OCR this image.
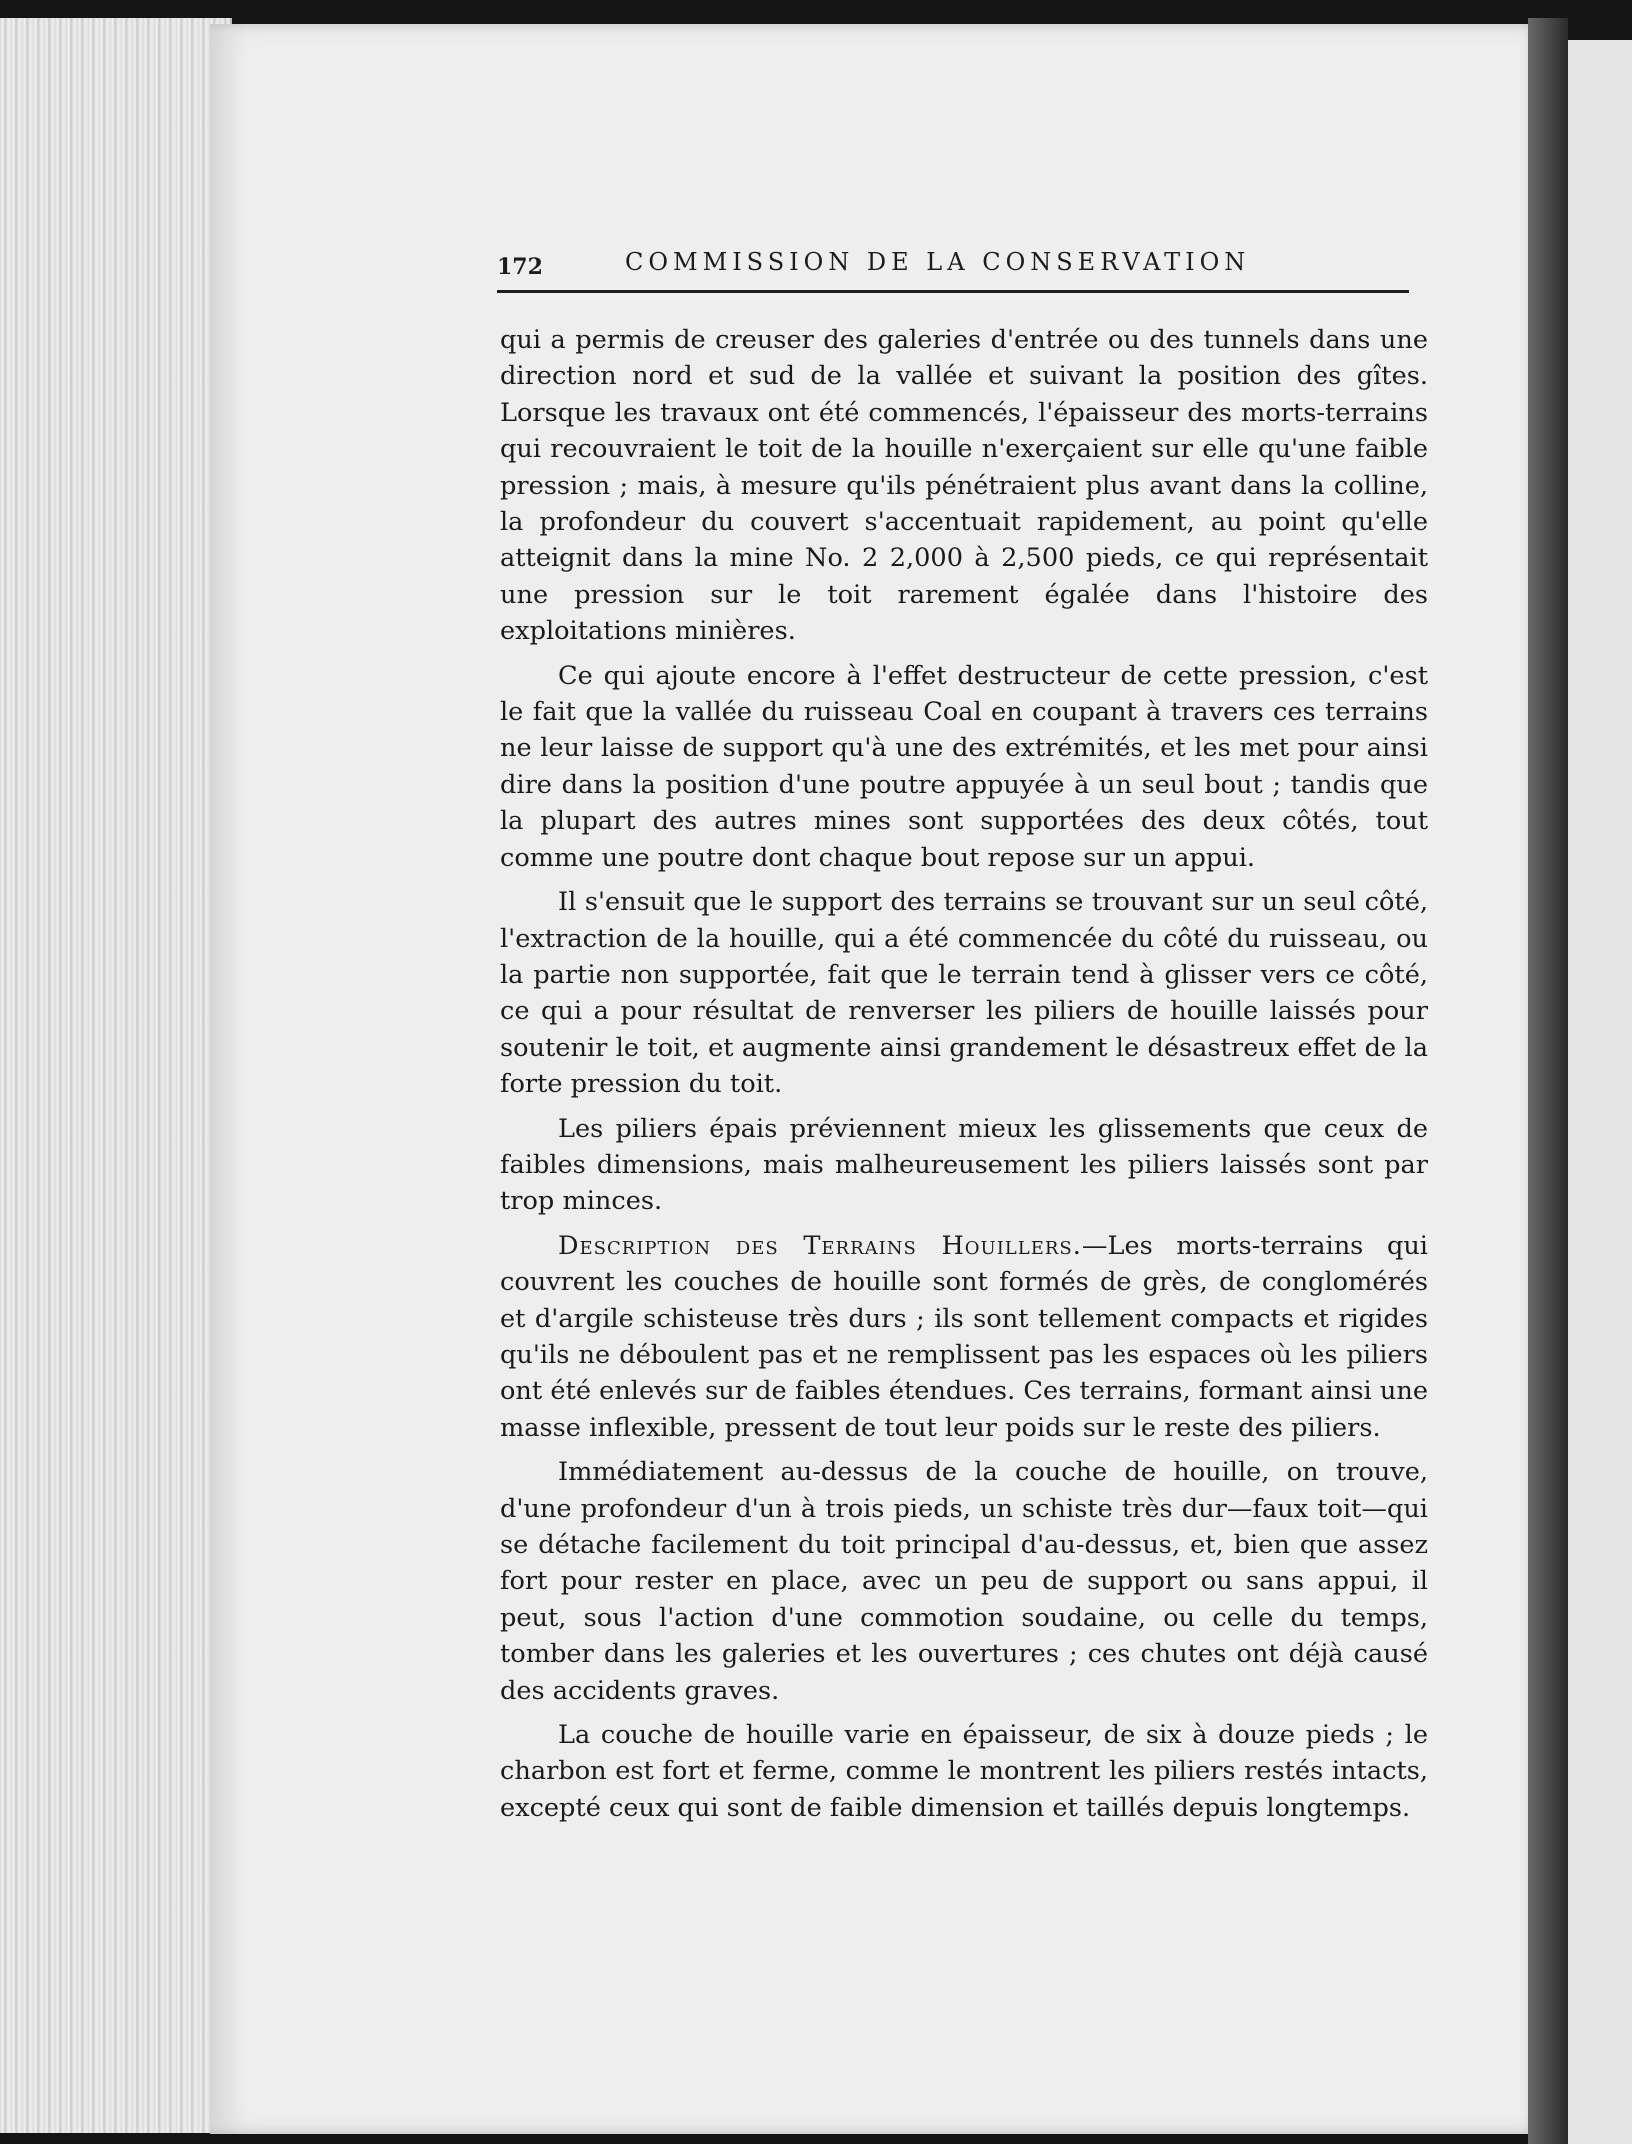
172	COMMISSION DE LA CONSERVATION

qui a permis de creuser des galeries d'entrée ou des tunnels dans une direction nord et sud de la vallée et suivant la position des gîtes. Lorsque les travaux ont été commencés, l'épaisseur des morts-terrains qui recouvraient le toit de la houille n'exerçaient sur elle qu'une faible pression ; mais, à mesure qu'ils pénétraient plus avant dans la colline, la profondeur du couvert s'accentuait rapidement, au point qu'elle atteignit dans la mine No. 2 2,000 à 2,500 pieds, ce qui représentait une pression sur le toit rarement égalée dans l'histoire des exploitations minières.

Ce qui ajoute encore à l'effet destructeur de cette pression, c'est le fait que la vallée du ruisseau Coal en coupant à travers ces terrains ne leur laisse de support qu'à une des extrémités, et les met pour ainsi dire dans la position d'une poutre appuyée à un seul bout ; tandis que la plupart des autres mines sont supportées des deux côtés, tout comme une poutre dont chaque bout repose sur un appui.

Il s'ensuit que le support des terrains se trouvant sur un seul côté, l'extraction de la houille, qui a été commencée du côté du ruisseau, ou la partie non supportée, fait que le terrain tend à glisser vers ce côté, ce qui a pour résultat de renverser les piliers de houille laissés pour soutenir le toit, et augmente ainsi grandement le désastreux effet de la forte pression du toit.

Les piliers épais préviennent mieux les glissements que ceux de faibles dimensions, mais malheureusement les piliers laissés sont par trop minces.

Description des Terrains Houillers.—Les morts-terrains qui couvrent les couches de houille sont formés de grès, de conglomérés et d'argile schisteuse très durs ; ils sont tellement compacts et rigides qu'ils ne déboulent pas et ne remplissent pas les espaces où les piliers ont été enlevés sur de faibles étendues. Ces terrains, formant ainsi une masse inflexible, pressent de tout leur poids sur le reste des piliers.

Immédiatement au-dessus de la couche de houille, on trouve, d'une profondeur d'un à trois pieds, un schiste très dur—faux toit—qui se détache facilement du toit principal d'au-dessus, et, bien que assez fort pour rester en place, avec un peu de support ou sans appui, il peut, sous l'action d'une commotion soudaine, ou celle du temps, tomber dans les galeries et les ouvertures ; ces chutes ont déjà causé des accidents graves.

La couche de houille varie en épaisseur, de six à douze pieds ; le charbon est fort et ferme, comme le montrent les piliers restés intacts, excepté ceux qui sont de faible dimension et taillés depuis longtemps.
